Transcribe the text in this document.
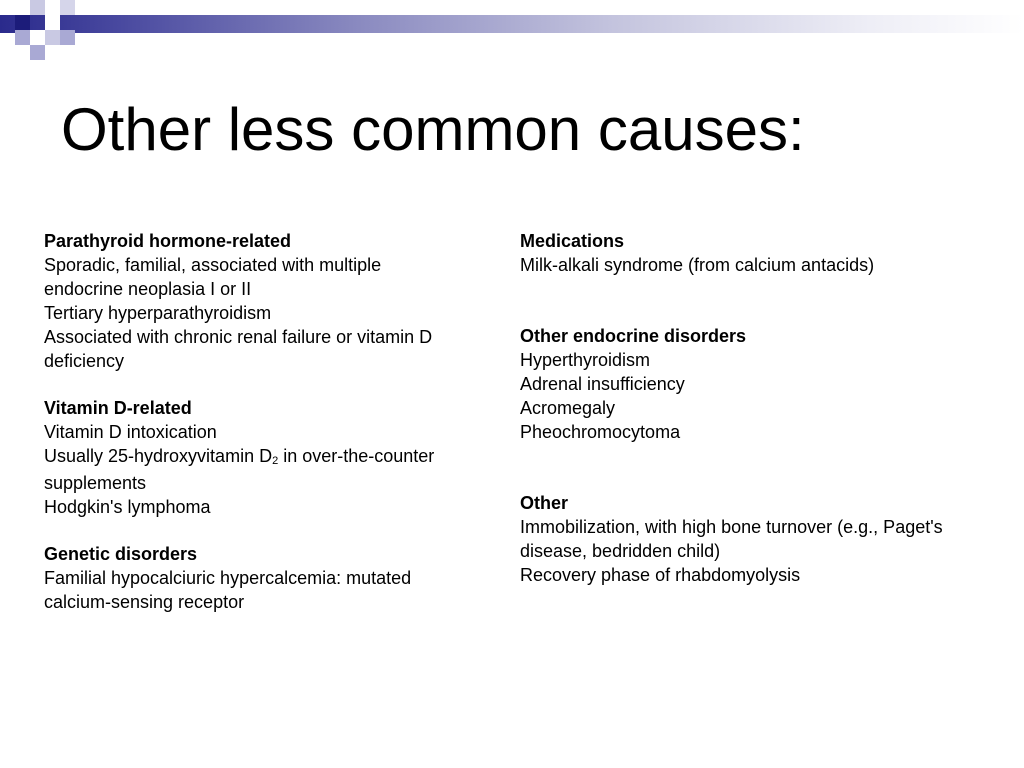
Other less common causes:
Parathyroid hormone-related
Sporadic, familial, associated with multiple
endocrine neoplasia I or II
Tertiary hyperparathyroidism
Associated with chronic renal failure or vitamin D
deficiency
Vitamin D-related
Vitamin D intoxication
Usually 25-hydroxyvitamin $D_2$ in over-the-counter
supplements
Hodgkin's lymphoma
Genetic disorders
Familial hypocalciuric hypercalcemia: mutated
calcium-sensing receptor
Medications
Milk-alkali syndrome (from calcium antacids)
Other endocrine disorders
Hyperthyroidism
Adrenal insufficiency
Acromegaly
Pheochromocytoma
Other
Immobilization, with high bone turnover (e.g., Paget's
disease, bedridden child)
Recovery phase of rhabdomyolysis
